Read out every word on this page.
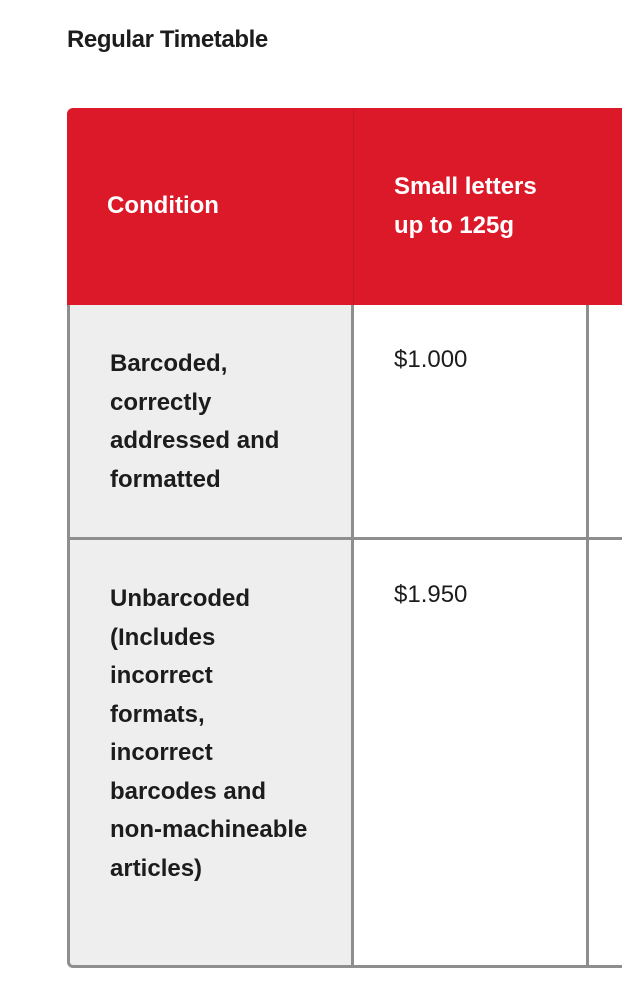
Regular Timetable
Condition	Small letters up to 125g	
Barcoded, correctly addressed and formatted	$1.000	
Unbarcoded (Includes incorrect formats, incorrect barcodes and non-machineable articles)	$1.950	
